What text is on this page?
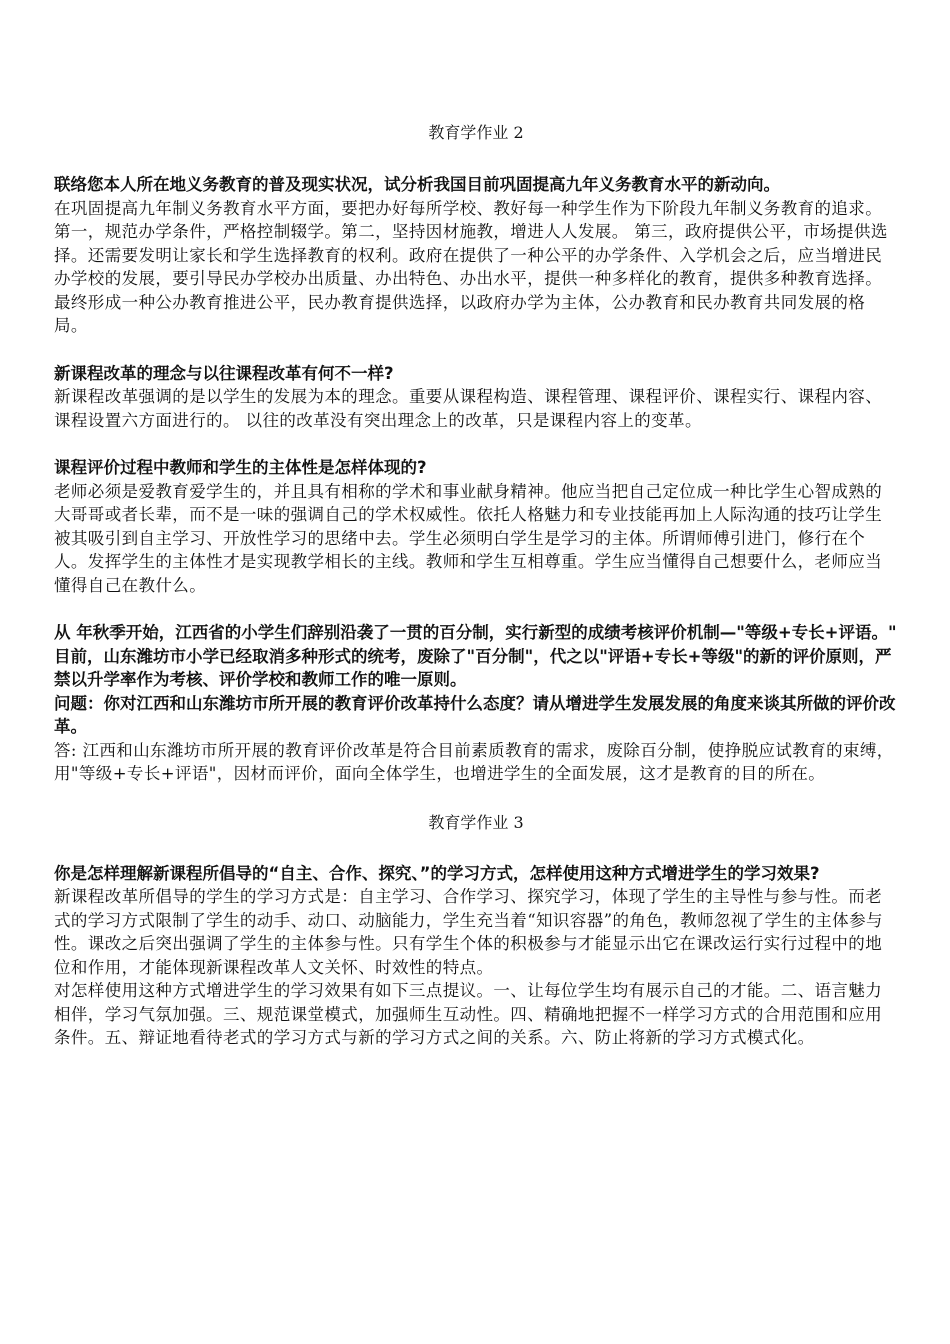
教育学作业 2

联络您本人所在地义务教育的普及现实状况，试分析我国目前巩固提高九年义务教育水平的新动向。

在巩固提高九年制义务教育水平方面，要把办好每所学校、教好每一种学生作为下阶段九年制义务教育的追求。 第一，规范办学条件，严格控制辍学。第二，坚持因材施教，增进人人发展。 第三，政府提供公平，市场提供选择。还需要发明让家长和学生选择教育的权利。政府在提供了一种公平的办学条件、入学机会之后，应当增进民办学校的发展，要引导民办学校办出质量、办出特色、办出水平，提供一种多样化的教育，提供多种教育选择。最终形成一种公办教育推进公平，民办教育提供选择，以政府办学为主体，公办教育和民办教育共同发展的格局。

新课程改革的理念与以往课程改革有何不一样?

新课程改革强调的是以学生的发展为本的理念。重要从课程构造、课程管理、课程评价、课程实行、课程内容、课程设置六方面进行的。 以往的改革没有突出理念上的改革，只是课程内容上的变革。

课程评价过程中教师和学生的主体性是怎样体现的?

老师必须是爱教育爱学生的，并且具有相称的学术和事业献身精神。他应当把自己定位成一种比学生心智成熟的大哥哥或者长辈，而不是一味的强调自己的学术权威性。依托人格魅力和专业技能再加上人际沟通的技巧让学生被其吸引到自主学习、开放性学习的思绪中去。学生必须明白学生是学习的主体。所谓师傅引进门，修行在个人。发挥学生的主体性才是实现教学相长的主线。教师和学生互相尊重。学生应当懂得自己想要什么，老师应当懂得自己在教什么。

从 年秋季开始，江西省的小学生们辞别沿袭了一贯的百分制，实行新型的成绩考核评价机制—"等级+专长+评语。"

目前，山东潍坊市小学已经取消多种形式的统考，废除了"百分制"，代之以"评语+专长+等级"的新的评价原则，严禁以升学率作为考核、评价学校和教师工作的唯一原则。

问题：你对江西和山东潍坊市所开展的教育评价改革持什么态度？请从增进学生发展发展的角度来谈其所做的评价改革。

答: 江西和山东潍坊市所开展的教育评价改革是符合目前素质教育的需求，废除百分制，使挣脱应试教育的束缚，用"等级+专长+评语"，因材而评价，面向全体学生，也增进学生的全面发展，这才是教育的目的所在。

教育学作业 3

你是怎样理解新课程所倡导的“自主、合作、探究、”的学习方式，怎样使用这种方式增进学生的学习效果?

新课程改革所倡导的学生的学习方式是：自主学习、合作学习、探究学习，体现了学生的主导性与参与性。而老式的学习方式限制了学生的动手、动口、动脑能力，学生充当着“知识容器”的角色，教师忽视了学生的主体参与性。课改之后突出强调了学生的主体参与性。只有学生个体的积极参与才能显示出它在课改运行实行过程中的地位和作用，才能体现新课程改革人文关怀、时效性的特点。

对怎样使用这种方式增进学生的学习效果有如下三点提议。一、让每位学生均有展示自己的才能。二、语言魅力相伴，学习气氛加强。三、规范课堂模式，加强师生互动性。四、精确地把握不一样学习方式的合用范围和应用条件。五、辩证地看待老式的学习方式与新的学习方式之间的关系。六、防止将新的学习方式模式化。
